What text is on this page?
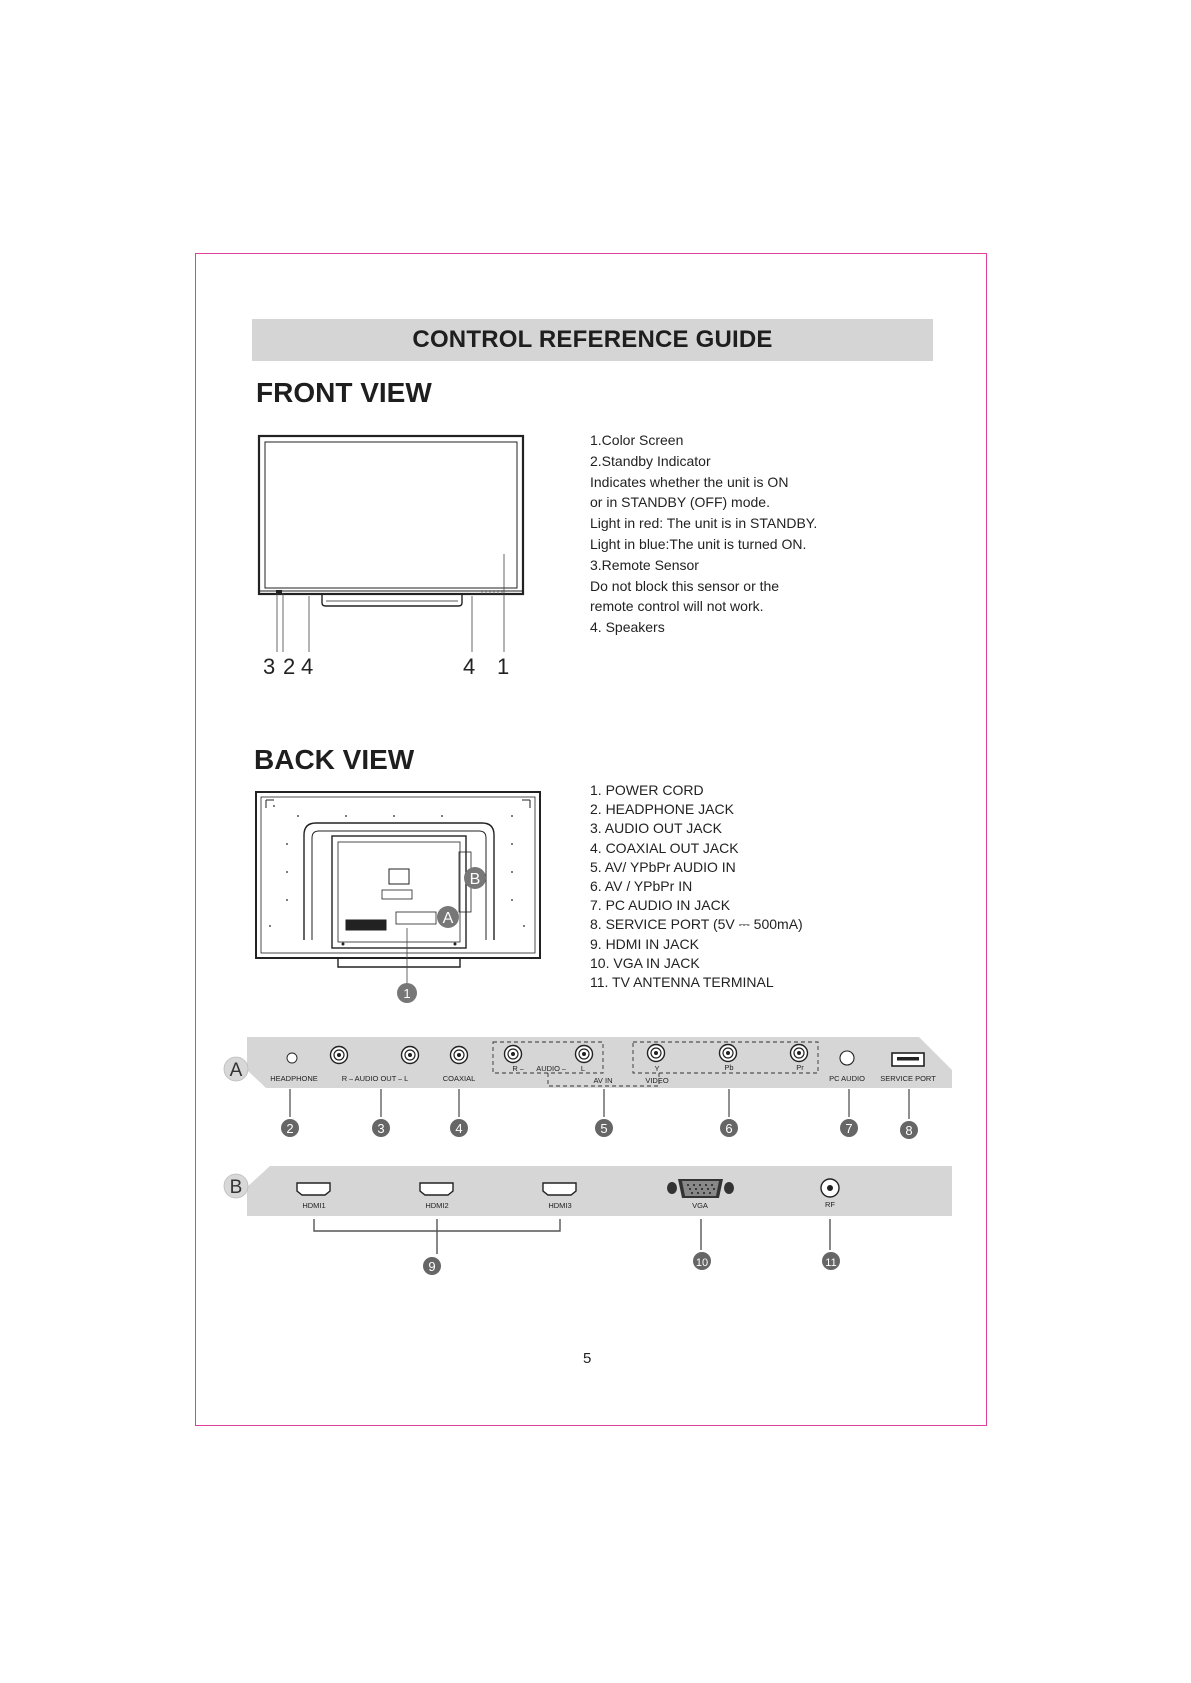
CONTROL REFERENCE GUIDE
FRONT VIEW
BACK VIEW
1.Color Screen
2.Standby Indicator
Indicates whether the unit is ON
or in STANDBY (OFF) mode.
Light in red: The unit is in STANDBY.
Light in blue:The unit is turned ON.
3.Remote Sensor
Do not block this sensor or the
remote control will not work.
4. Speakers
1. POWER CORD
2. HEADPHONE JACK
3. AUDIO OUT JACK
4. COAXIAL OUT JACK
5. AV/ YPbPr AUDIO IN
6. AV / YPbPr IN
7. PC AUDIO IN JACK
8. SERVICE PORT (5V ⎓ 500mA)
9. HDMI IN JACK
10. VGA IN JACK
11. TV ANTENNA TERMINAL
3 2 4	4 1
B
A
1
A	HEADPHONE	R ⎯ AUDIO OUT ⎯ L	COAXIAL
R ⎯ AUDIO ⎯ L
AV IN
Y	Pb	Pr
VIDEO	PC AUDIO SERVICE PORT
2	3	4	5	6	7	8
B
HDMI1	HDMI2	HDMI3	VGA	RF
9	10	11
5
